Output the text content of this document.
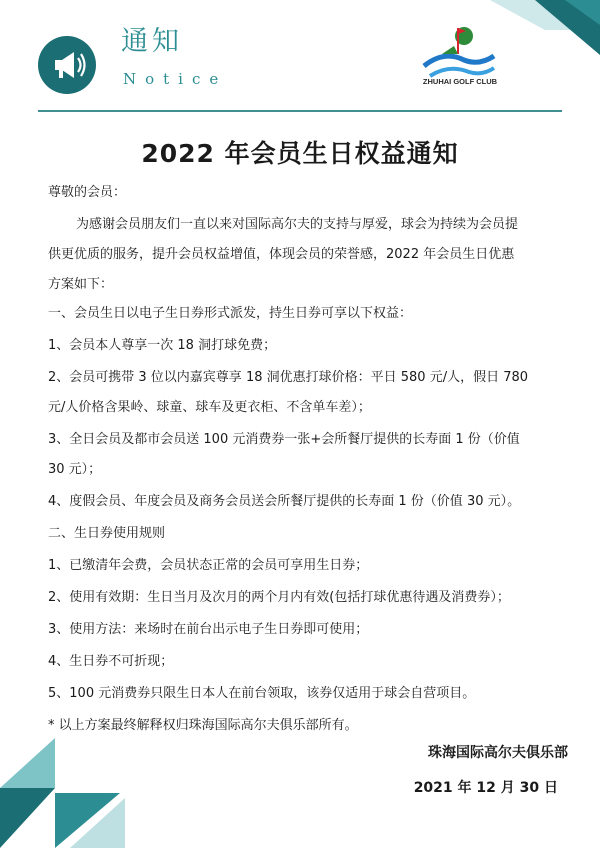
通知
Notice	ZHUHAI GOLF CLUB
2022 年会员生日权益通知

尊敬的会员：

为感谢会员朋友们一直以来对国际高尔夫的支持与厚爱，球会为持续为会员提

供更优质的服务，提升会员权益增值，体现会员的荣誉感，2022 年会员生日优惠

方案如下：

一、会员生日以电子生日券形式派发，持生日券可享以下权益：

1、会员本人尊享一次 18 洞打球免费；

2、会员可携带 3 位以内嘉宾尊享 18 洞优惠打球价格：平日 580 元/人，假日 780

元/人价格含果岭、球童、球车及更衣柜、不含单车差）；

3、全日会员及都市会员送 100 元消费券一张+会所餐厅提供的长寿面 1 份（价值

30 元）；

4、度假会员、年度会员及商务会员送会所餐厅提供的长寿面 1 份（价值 30 元）。

二、生日券使用规则

1、已缴清年会费，会员状态正常的会员可享用生日券；

2、使用有效期：生日当月及次月的两个月内有效(包括打球优惠待遇及消费券）；

3、使用方法：来场时在前台出示电子生日券即可使用；

4、生日券不可折现；

5、100 元消费券只限生日本人在前台领取，该券仅适用于球会自营项目。

* 以上方案最终解释权归珠海国际高尔夫俱乐部所有。

珠海国际高尔夫俱乐部
2021 年 12 月 30 日
